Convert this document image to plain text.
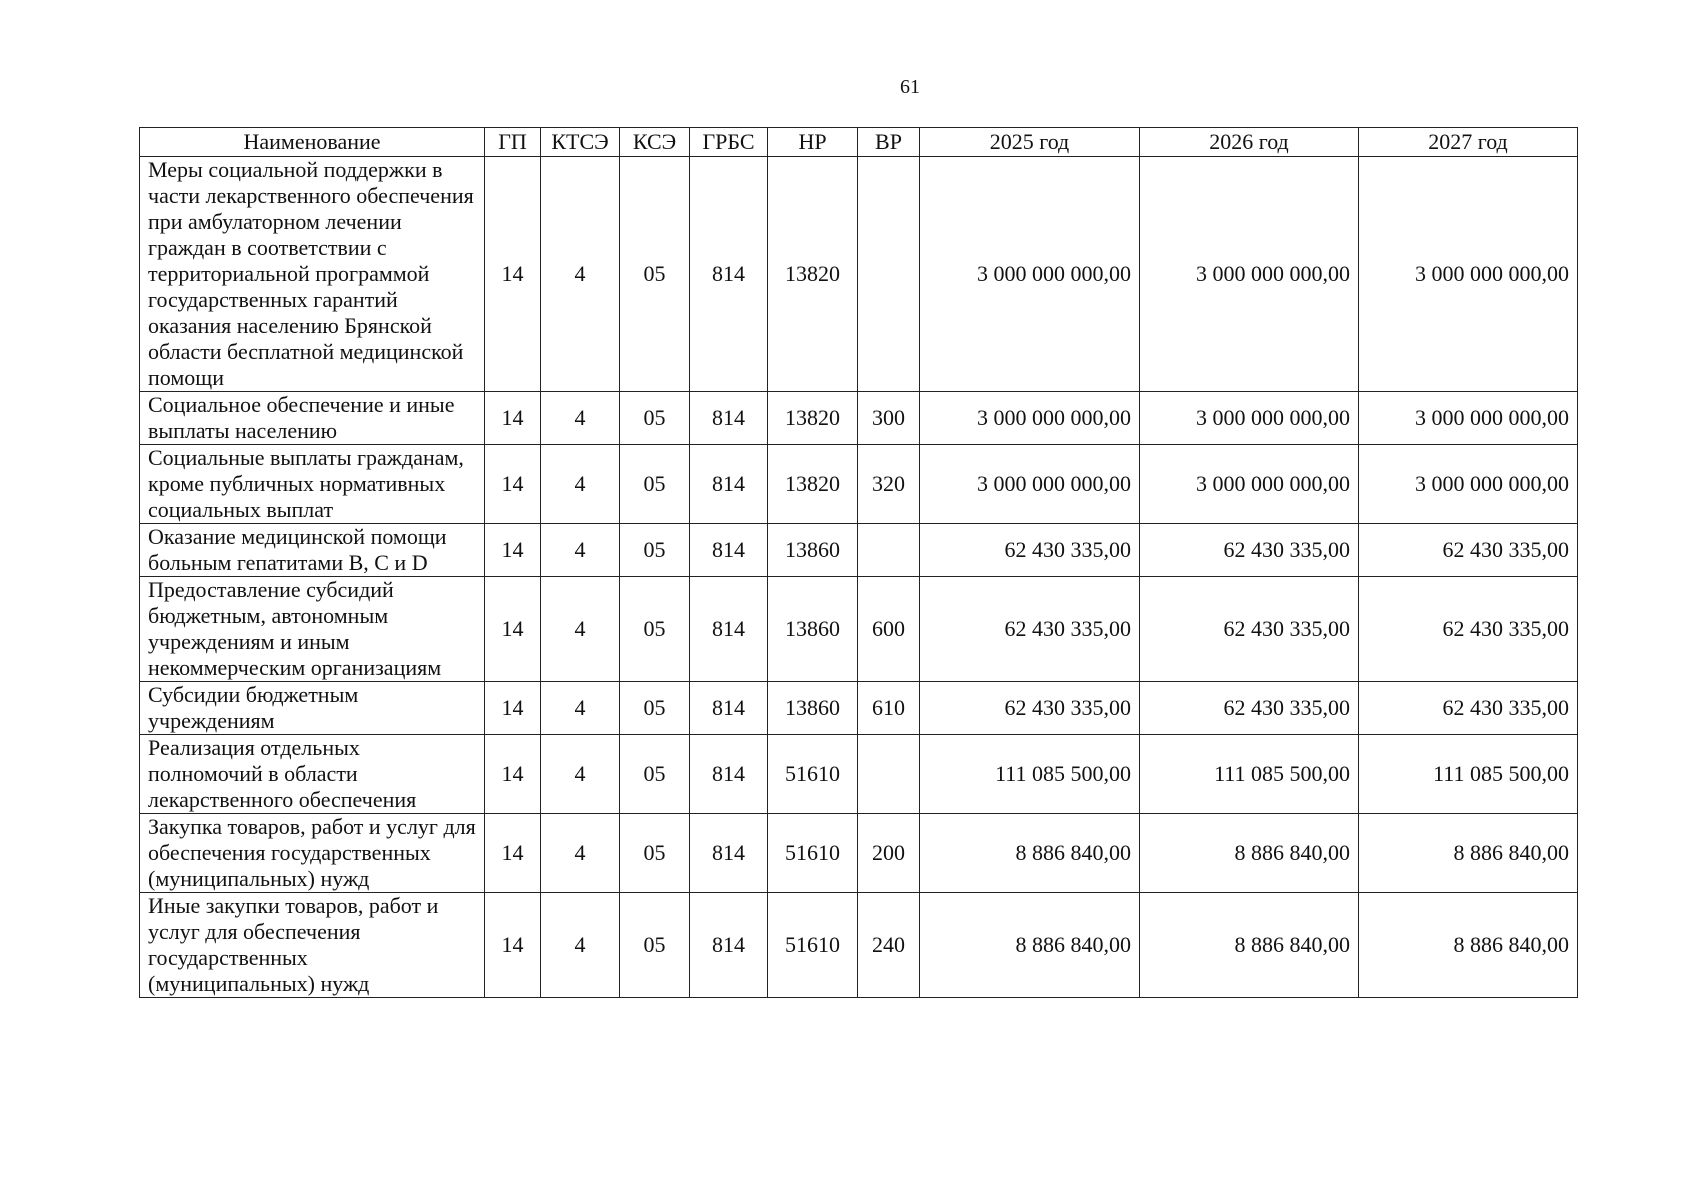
61
Наименование	ГП	КТСЭ	КСЭ	ГРБС	НР	ВР	2025 год	2026 год	2027 год
Меры социальной поддержки в части лекарственного обеспечения при амбулаторном лечении граждан в соответствии с территориальной программой государственных гарантий оказания населению Брянской области бесплатной медицинской помощи	14	4	05	814	13820		3 000 000 000,00	3 000 000 000,00	3 000 000 000,00
Социальное обеспечение и иные выплаты населению	14	4	05	814	13820	300	3 000 000 000,00	3 000 000 000,00	3 000 000 000,00
Социальные выплаты гражданам, кроме публичных нормативных социальных выплат	14	4	05	814	13820	320	3 000 000 000,00	3 000 000 000,00	3 000 000 000,00
Оказание медицинской помощи больным гепатитами B, C и D	14	4	05	814	13860		62 430 335,00	62 430 335,00	62 430 335,00
Предоставление субсидий бюджетным, автономным учреждениям и иным некоммерческим организациям	14	4	05	814	13860	600	62 430 335,00	62 430 335,00	62 430 335,00
Субсидии бюджетным учреждениям	14	4	05	814	13860	610	62 430 335,00	62 430 335,00	62 430 335,00
Реализация отдельных полномочий в области лекарственного обеспечения	14	4	05	814	51610		111 085 500,00	111 085 500,00	111 085 500,00
Закупка товаров, работ и услуг для обеспечения государственных (муниципальных) нужд	14	4	05	814	51610	200	8 886 840,00	8 886 840,00	8 886 840,00
Иные закупки товаров, работ и услуг для обеспечения государственных (муниципальных) нужд	14	4	05	814	51610	240	8 886 840,00	8 886 840,00	8 886 840,00
